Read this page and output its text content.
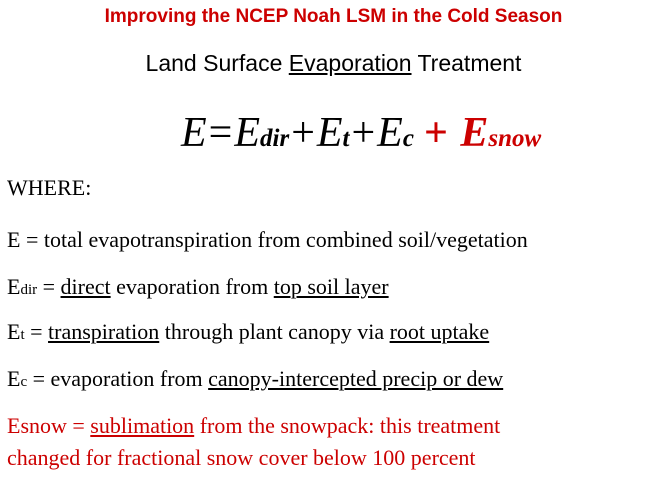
Improving the NCEP Noah LSM in the Cold Season
Land Surface Evaporation Treatment
E=Edir+Et+Ec + Esnow
WHERE:
E = total evapotranspiration from combined soil/vegetation
Edir = direct evaporation from top soil layer
Et = transpiration through plant canopy via root uptake
Ec = evaporation from canopy-intercepted precip or dew
Esnow = sublimation from the snowpack: this treatment
changed for fractional snow cover below 100 percent
